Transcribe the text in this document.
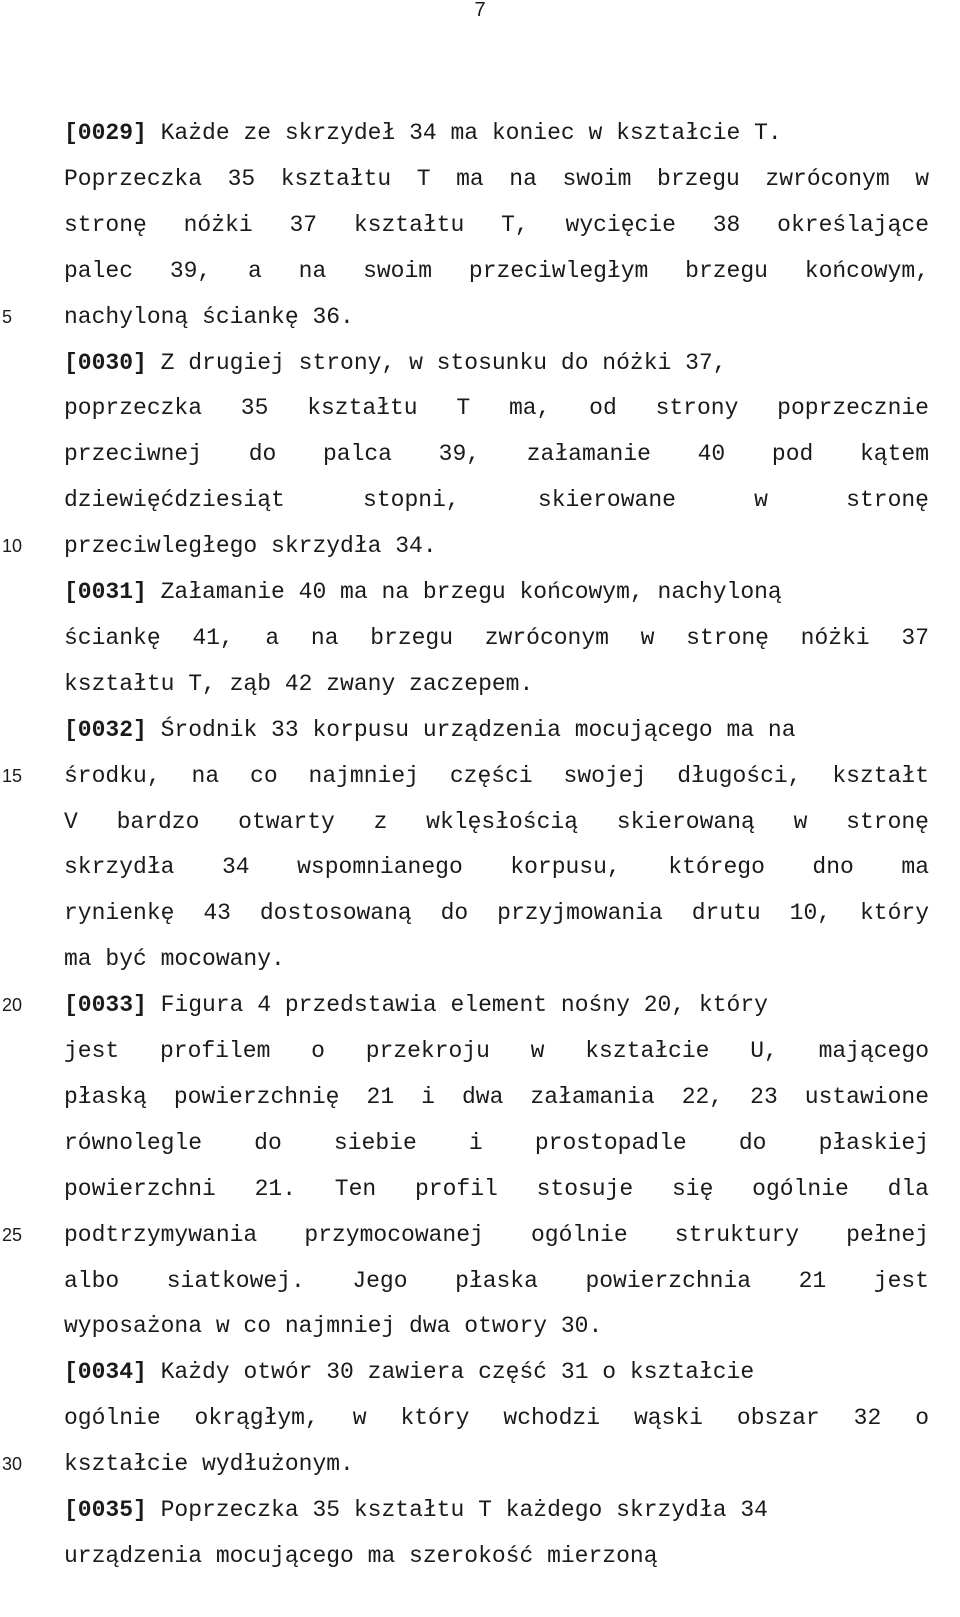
7
5
10
15
20
25
30
[0029] Każde ze skrzydeł 34 ma koniec w kształcie T.
Poprzeczka 35 kształtu T ma na swoim brzegu zwróconym w
stronę nóżki 37 kształtu T, wycięcie 38 określające
palec 39, a na swoim przeciwległym brzegu końcowym,
nachyloną ściankę 36.
[0030] Z drugiej strony, w stosunku do nóżki 37,
poprzeczka 35 kształtu T ma, od strony poprzecznie
przeciwnej do palca 39, załamanie 40 pod kątem
dziewięćdziesiąt stopni, skierowane w stronę
przeciwległego skrzydła 34.
[0031] Załamanie 40 ma na brzegu końcowym, nachyloną
ściankę 41, a na brzegu zwróconym w stronę nóżki 37
kształtu T, ząb 42 zwany zaczepem.
[0032] Środnik 33 korpusu urządzenia mocującego ma na
środku, na co najmniej części swojej długości, kształt
V bardzo otwarty z wklęsłością skierowaną w stronę
skrzydła 34 wspomnianego korpusu, którego dno ma
rynienkę 43 dostosowaną do przyjmowania drutu 10, który
ma być mocowany.
[0033] Figura 4 przedstawia element nośny 20, który
jest profilem o przekroju w kształcie U, mającego
płaską powierzchnię 21 i dwa załamania 22, 23 ustawione
równolegle do siebie i prostopadle do płaskiej
powierzchni 21. Ten profil stosuje się ogólnie dla
podtrzymywania przymocowanej ogólnie struktury pełnej
albo siatkowej. Jego płaska powierzchnia 21 jest
wyposażona w co najmniej dwa otwory 30.
[0034] Każdy otwór 30 zawiera część 31 o kształcie
ogólnie okrągłym, w który wchodzi wąski obszar 32 o
kształcie wydłużonym.
[0035] Poprzeczka 35 kształtu T każdego skrzydła 34
urządzenia mocującego ma szerokość mierzoną
